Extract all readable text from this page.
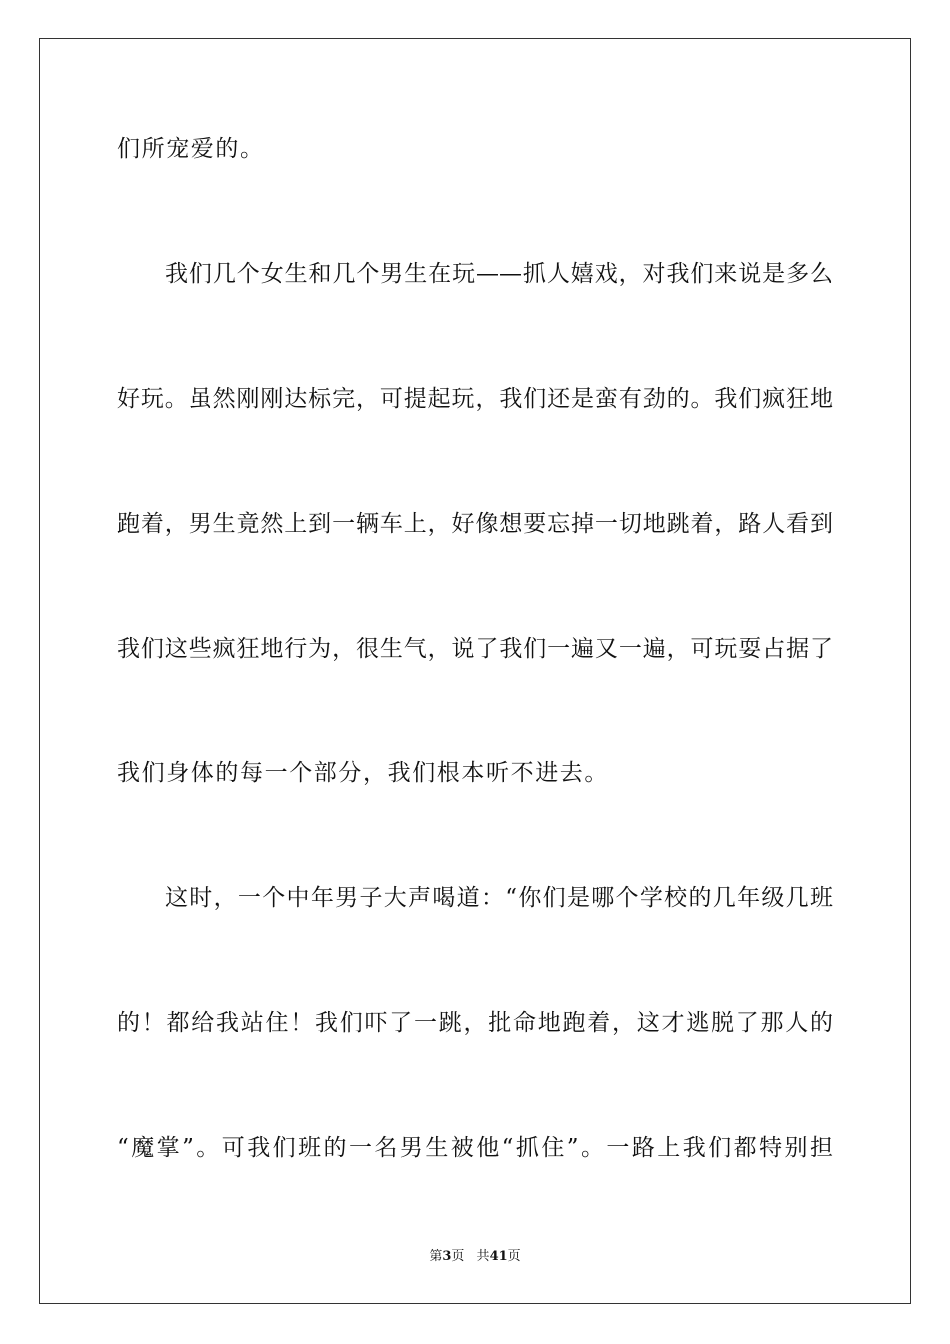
们所宠爱的。
我们几个女生和几个男生在玩——抓人嬉戏，对我们来说是多么
好玩。虽然刚刚达标完，可提起玩，我们还是蛮有劲的。我们疯狂地
跑着，男生竟然上到一辆车上，好像想要忘掉一切地跳着，路人看到
我们这些疯狂地行为，很生气，说了我们一遍又一遍，可玩耍占据了
我们身体的每一个部分，我们根本听不进去。
这时，一个中年男子大声喝道：“你们是哪个学校的几年级几班
的！都给我站住！我们吓了一跳，批命地跑着，这才逃脱了那人的
“魔掌”。可我们班的一名男生被他“抓住”。一路上我们都特别担
第3页 共41页
